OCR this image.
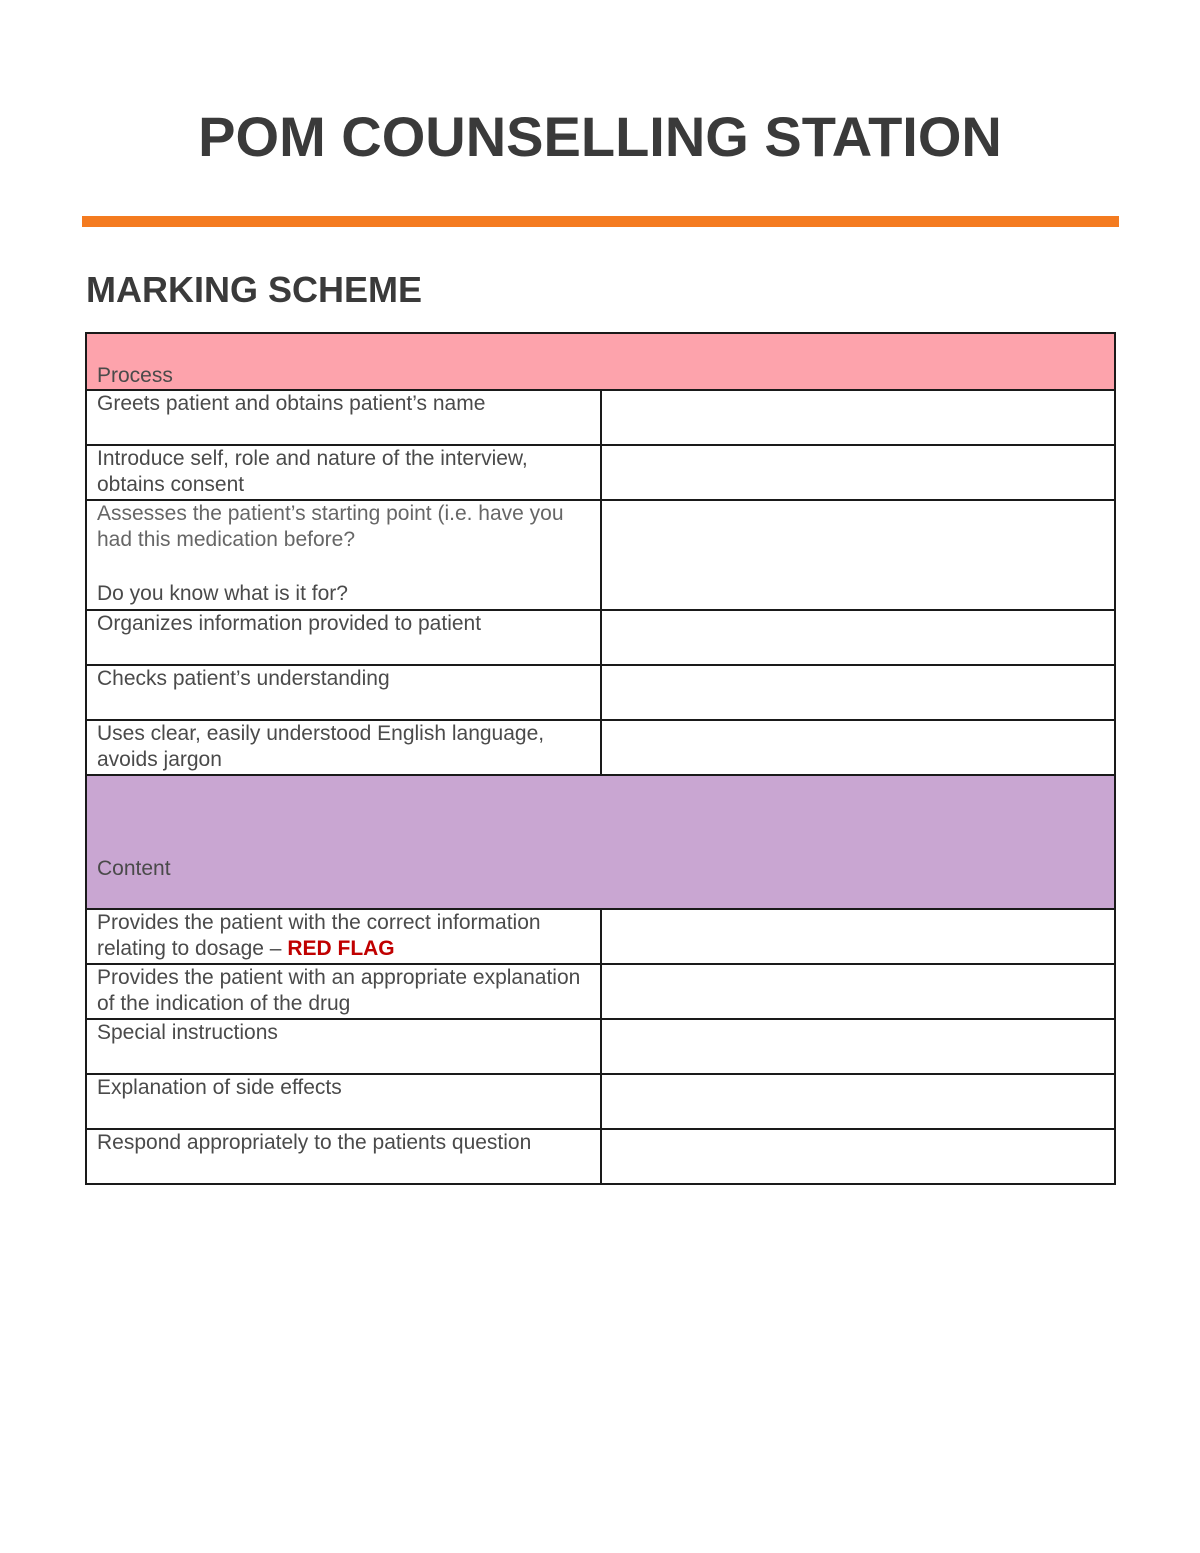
POM COUNSELLING STATION
MARKING SCHEME
Process	
Greets patient and obtains patient’s name	
Introduce self, role and nature of the interview, obtains consent	
Assesses the patient’s starting point (i.e. have you had this medication before?
Do you know what is it for?	

Organizes information provided to patient	
Checks patient’s understanding	
Uses clear, easily understood English language, avoids jargon	
Content	
Provides the patient with the correct information relating to dosage – RED FLAG	
Provides the patient with an appropriate explanation of the indication of the drug	
Special instructions	
Explanation of side effects	
Respond appropriately to the patients question	
